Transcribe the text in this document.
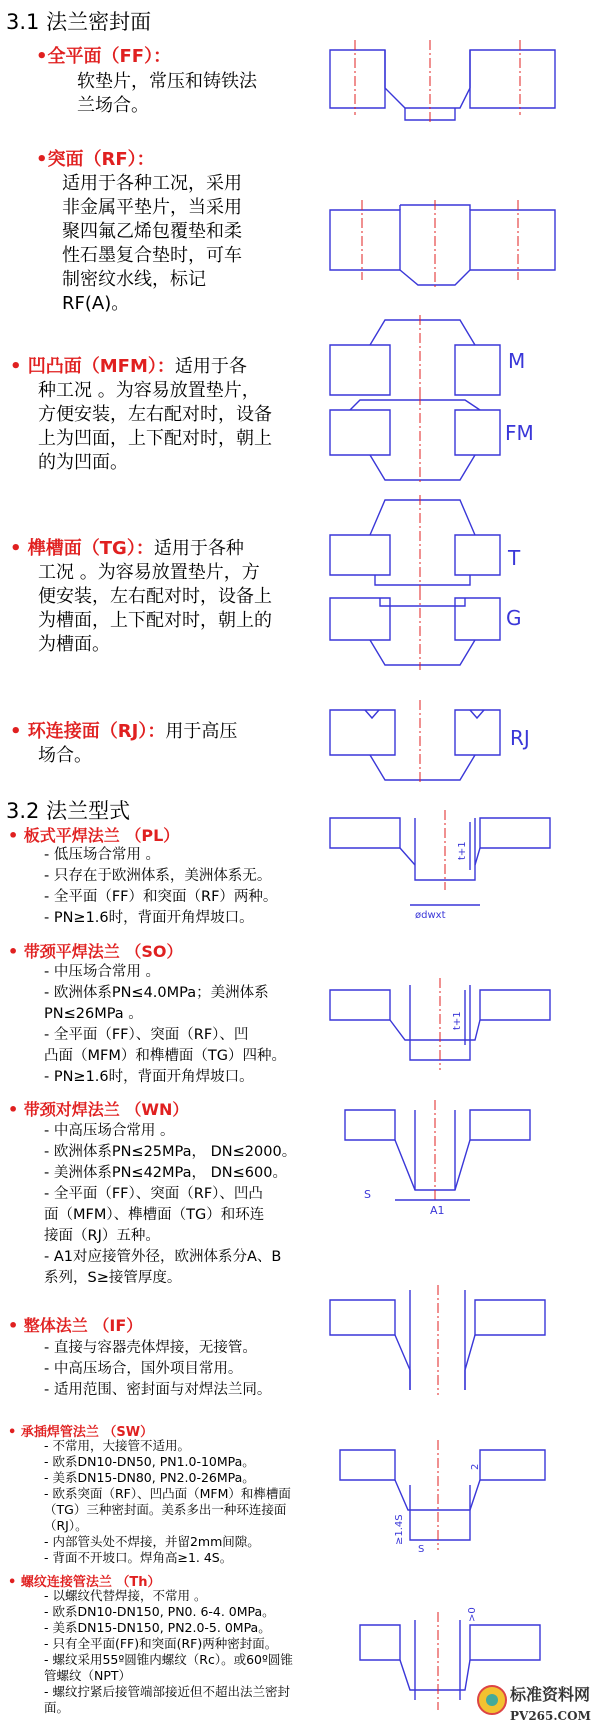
3.1 法兰密封面
•全平面（FF）：
软垫片，常压和铸铁法
兰场合。
•突面（RF）：
适用于各种工况，采用
非金属平垫片，当采用
聚四氟乙烯包覆垫和柔
性石墨复合垫时，可车
制密纹水线，标记
RF(A)。
• 凹凸面（MFM）：适用于各
种工况 。为容易放置垫片，
方便安装，左右配对时，设备
上为凹面，上下配对时，朝上
的为凹面。
• 榫槽面（TG）：适用于各种
工况 。为容易放置垫片，方
便安装，左右配对时，设备上
为槽面，上下配对时，朝上的
为槽面。
• 环连接面（RJ）：用于高压
场合。
3.2 法兰型式
• 板式平焊法兰 （PL）
- 低压场合常用 。
- 只存在于欧洲体系，美洲体系无。
- 全平面（FF）和突面（RF）两种。
- PN≥1.6时，背面开角焊坡口。
• 带颈平焊法兰 （SO）
- 中压场合常用 。
- 欧洲体系PN≤4.0MPa；美洲体系
PN≤26MPa 。
- 全平面（FF）、突面（RF）、凹
凸面（MFM）和榫槽面（TG）四种。
- PN≥1.6时，背面开角焊坡口。
• 带颈对焊法兰 （WN）
- 中高压场合常用 。
- 欧洲体系PN≤25MPa， DN≤2000。
- 美洲体系PN≤42MPa， DN≤600。
- 全平面（FF）、突面（RF）、凹凸
面（MFM）、榫槽面（TG）和环连
接面（RJ）五种。
- A1对应接管外径，欧洲体系分A、B
系列，S≥接管厚度。
• 整体法兰 （IF）
- 直接与容器壳体焊接，无接管。
- 中高压场合，国外项目常用。
- 适用范围、密封面与对焊法兰同。
• 承插焊管法兰 （SW）
- 不常用，大接管不适用。
- 欧系DN10-DN50, PN1.0-10MPa。
- 美系DN15-DN80, PN2.0-26MPa。
- 欧系突面（RF）、凹凸面（MFM）和榫槽面
（TG）三种密封面。美系多出一种环连接面
（RJ）。
- 内部管头处不焊接，并留2mm间隙。
- 背面不开坡口。焊角高≥1. 4S。
• 螺纹连接管法兰 （Th）
- 以螺纹代替焊接，不常用 。
- 欧系DN10-DN150, PN0. 6-4. 0MPa。
- 美系DN15-DN150, PN2.0-5. 0MPa。
- 只有全平面(FF)和突面(RF)两种密封面。
- 螺纹采用55º圆锥内螺纹（Rc）。或60º圆锥
管螺纹（NPT）
- 螺纹拧紧后接管端部接近但不超出法兰密封
面。
M
FM
T
G
RJ
t+1
ødwxt
t+1
S
A1
2
≥1.4S
S
>0
标准资料网
PV265.COM
